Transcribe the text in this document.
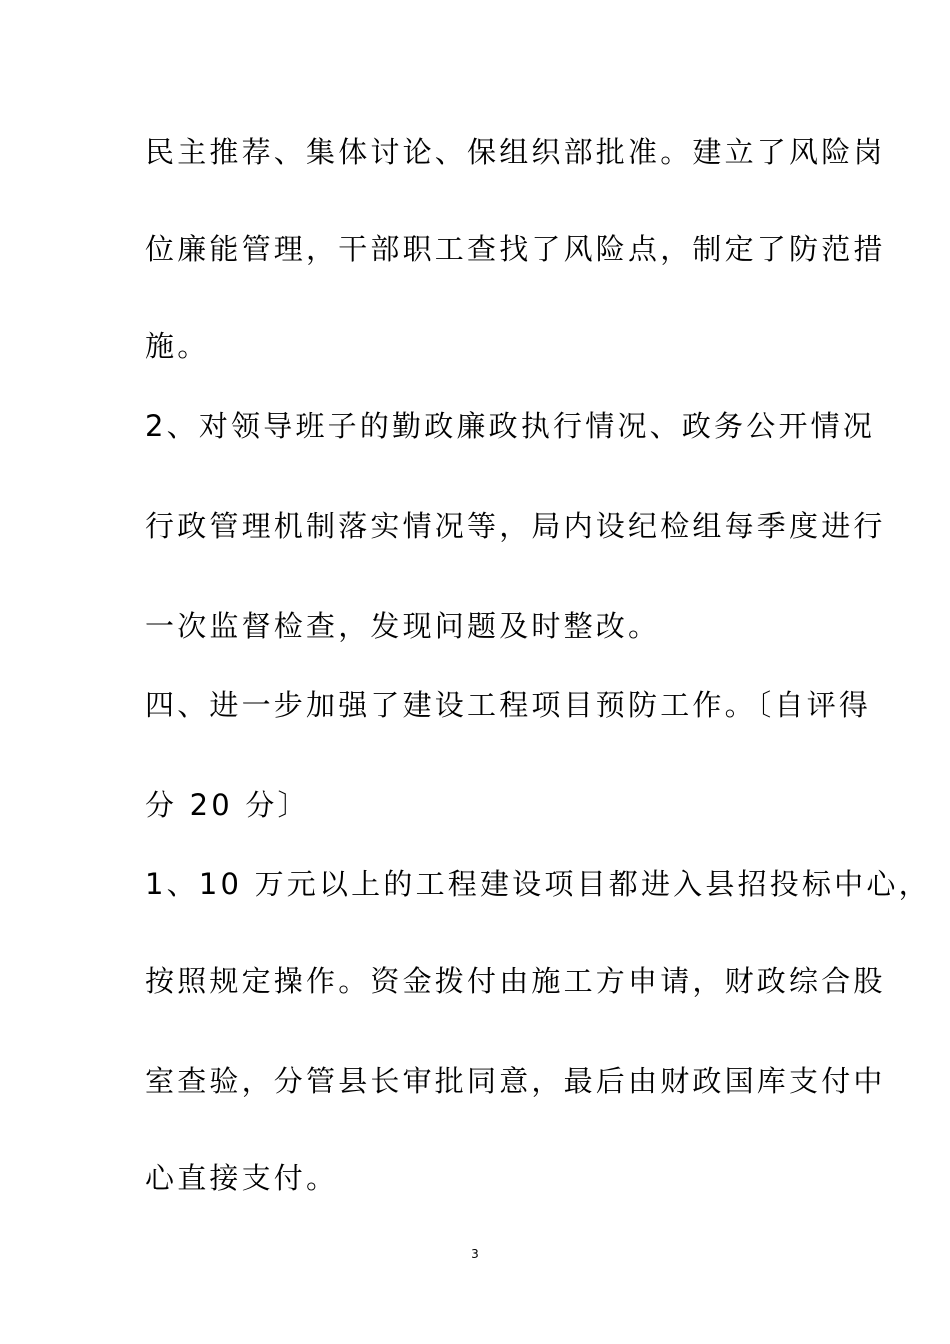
民主推荐、集体讨论、保组织部批准。建立了风险岗
位廉能管理，干部职工查找了风险点，制定了防范措
施。
2、对领导班子的勤政廉政执行情况、政务公开情况
行政管理机制落实情况等，局内设纪检组每季度进行
一次监督检查，发现问题及时整改。
四、进一步加强了建设工程项目预防工作。〔自评得
分 20 分〕
1、10 万元以上的工程建设项目都进入县招投标中心，
按照规定操作。资金拨付由施工方申请，财政综合股
室查验，分管县长审批同意，最后由财政国库支付中
心直接支付。
3
